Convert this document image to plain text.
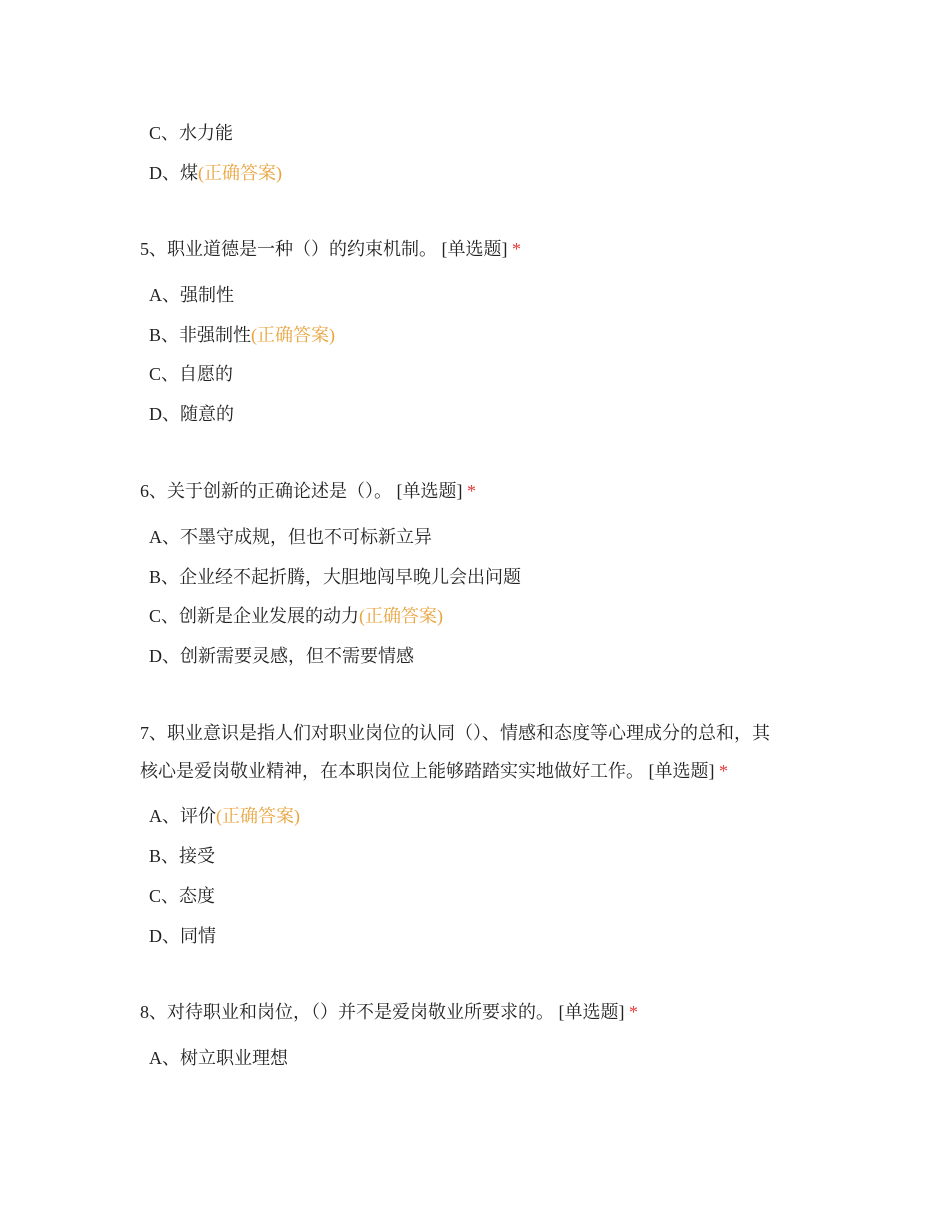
C、水力能
D、煤(正确答案)
5、职业道德是一种（）的约束机制。 [单选题] *
A、强制性
B、非强制性(正确答案)
C、自愿的
D、随意的
6、关于创新的正确论述是（）。 [单选题] *
A、不墨守成规，但也不可标新立异
B、企业经不起折腾，大胆地闯早晚儿会出问题
C、创新是企业发展的动力(正确答案)
D、创新需要灵感，但不需要情感
7、职业意识是指人们对职业岗位的认同（）、情感和态度等心理成分的总和，其
核心是爱岗敬业精神，在本职岗位上能够踏踏实实地做好工作。 [单选题] *
A、评价(正确答案)
B、接受
C、态度
D、同情
8、对待职业和岗位，（）并不是爱岗敬业所要求的。 [单选题] *
A、树立职业理想
